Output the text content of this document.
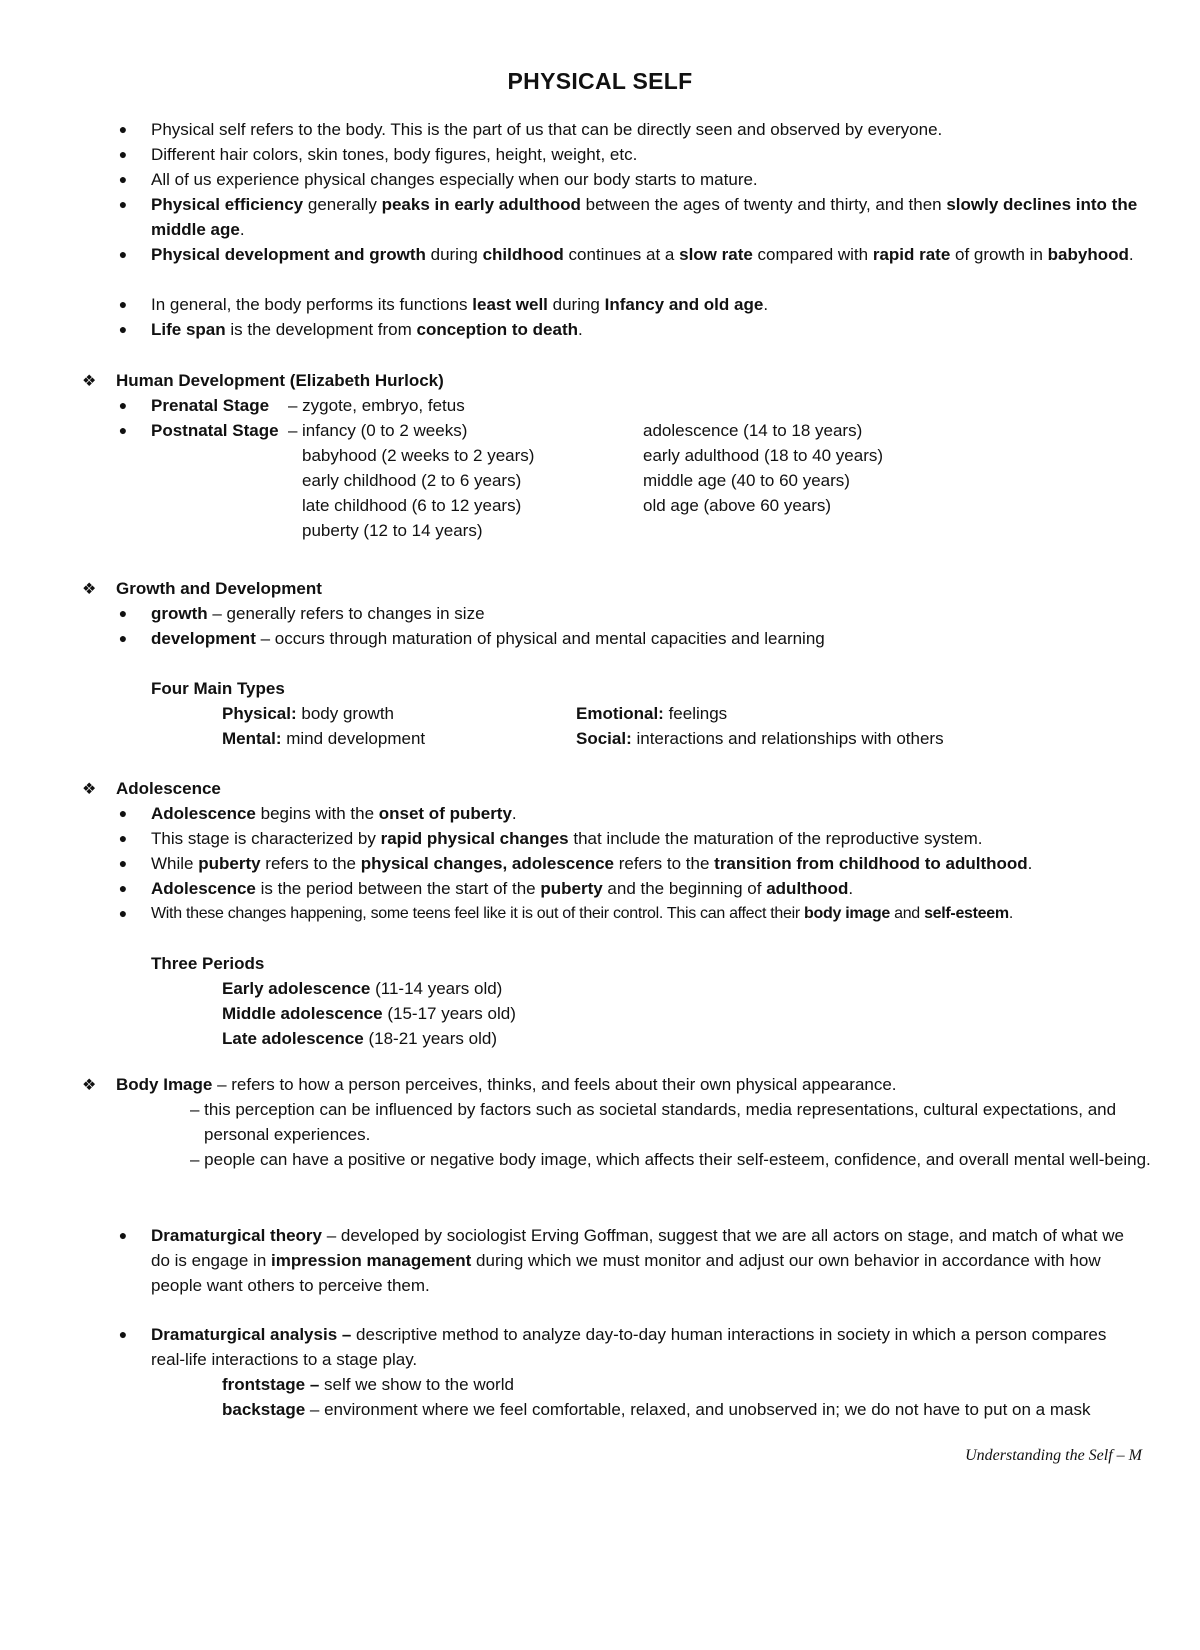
PHYSICAL SELF
● Physical self refers to the body. This is the part of us that can be directly seen and observed by everyone.
● Different hair colors, skin tones, body figures, height, weight, etc.
● All of us experience physical changes especially when our body starts to mature.
● Physical efficiency generally peaks in early adulthood between the ages of twenty and thirty, and then slowly declines into the middle age.
● Physical development and growth during childhood continues at a slow rate compared with rapid rate of growth in babyhood.
● In general, the body performs its functions least well during Infancy and old age.
● Life span is the development from conception to death.
❖ Human Development (Elizabeth Hurlock)
● Prenatal Stage – zygote, embryo, fetus
● Postnatal Stage – infancy (0 to 2 weeks)
babyhood (2 weeks to 2 years)
early childhood (2 to 6 years)
late childhood (6 to 12 years)
puberty (12 to 14 years)
adolescence (14 to 18 years)
early adulthood (18 to 40 years)
middle age (40 to 60 years)
old age (above 60 years)
❖ Growth and Development
● growth – generally refers to changes in size
● development – occurs through maturation of physical and mental capacities and learning
Four Main Types
Physical: body growth
Mental: mind development
Emotional: feelings
Social: interactions and relationships with others
❖ Adolescence
● Adolescence begins with the onset of puberty.
● This stage is characterized by rapid physical changes that include the maturation of the reproductive system.
● While puberty refers to the physical changes, adolescence refers to the transition from childhood to adulthood.
● Adolescence is the period between the start of the puberty and the beginning of adulthood.
● With these changes happening, some teens feel like it is out of their control. This can affect their body image and self-esteem.
Three Periods
Early adolescence (11-14 years old)
Middle adolescence (15-17 years old)
Late adolescence (18-21 years old)
❖ Body Image – refers to how a person perceives, thinks, and feels about their own physical appearance.
– this perception can be influenced by factors such as societal standards, media representations, cultural expectations, and personal experiences.
– people can have a positive or negative body image, which affects their self-esteem, confidence, and overall mental well-being.
● Dramaturgical theory – developed by sociologist Erving Goffman, suggest that we are all actors on stage, and match of what we do is engage in impression management during which we must monitor and adjust our own behavior in accordance with how people want others to perceive them.
● Dramaturgical analysis – descriptive method to analyze day-to-day human interactions in society in which a person compares real-life interactions to a stage play.
frontstage – self we show to the world
backstage – environment where we feel comfortable, relaxed, and unobserved in; we do not have to put on a mask
Understanding the Self – M
